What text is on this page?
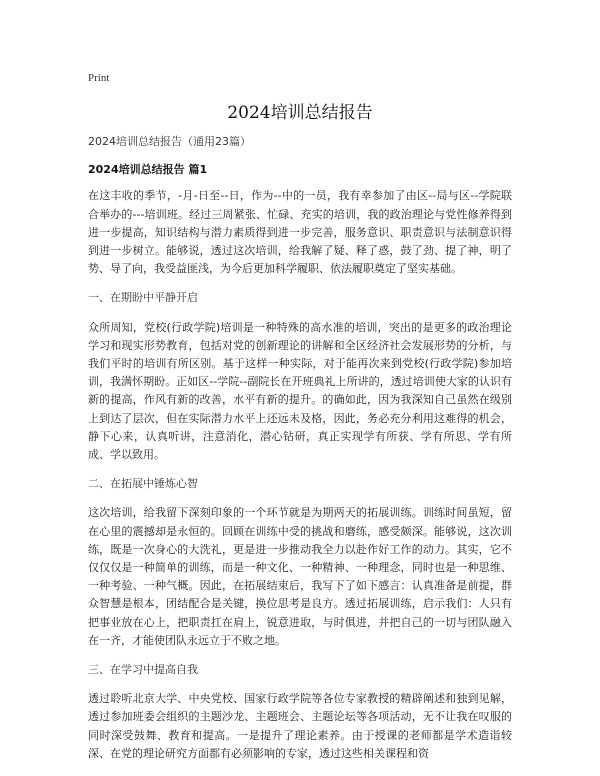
Print
2024培训总结报告
2024培训总结报告（通用23篇）
2024培训总结报告 篇1

在这丰收的季节，-月-日至--日，作为--中的一员，我有幸参加了由区--局与区--学院联合举办的---培训班。经过三周紧张、忙碌、充实的培训，我的政治理论与党性修养得到进一步提高，知识结构与潜力素质得到进一步完善，服务意识、职责意识与法制意识得到进一步树立。能够说，透过这次培训，给我解了疑、释了惑，鼓了劲、提了神，明了势、导了向，我受益匪浅，为今后更加科学履职、依法履职奠定了坚实基础。

一、在期盼中平静开启

众所周知，党校(行政学院)培训是一种特殊的高水准的培训，突出的是更多的政治理论学习和现实形势教育，包括对党的创新理论的讲解和全区经济社会发展形势的分析，与我们平时的培训有所区别。基于这样一种实际，对于能再次来到党校(行政学院)参加培训，我满怀期盼。正如区--学院--副院长在开班典礼上所讲的，透过培训使大家的认识有新的提高，作风有新的改善，水平有新的提升。的确如此，因为我深知自己虽然在级别上到达了层次，但在实际潜力水平上还远未及格，因此，务必充分利用这难得的机会，静下心来，认真听讲，注意消化，潜心钻研，真正实现学有所获、学有所思、学有所成、学以致用。

二、在拓展中锤炼心智

这次培训，给我留下深刻印象的一个环节就是为期两天的拓展训练。训练时间虽短，留在心里的震撼却是永恒的。回顾在训练中受的挑战和磨练，感受颇深。能够说，这次训练，既是一次身心的大洗礼，更是进一步推动我全力以赴作好工作的动力。其实，它不仅仅仅是一种简单的训练，而是一种文化、一种精神、一种理念，同时也是一种思维、一种考验、一种气概。因此，在拓展结束后，我写下了如下感言：认真准备是前提，群众智慧是根本，团结配合是关键，换位思考是良方。透过拓展训练，启示我们：人只有把事业放在心上，把职责扛在肩上，锐意进取，与时俱进，并把自己的一切与团队融入在一齐，才能使团队永远立于不败之地。

三、在学习中提高自我

透过聆听北京大学、中央党校、国家行政学院等各位专家教授的精辟阐述和独到见解，透过参加班委会组织的主题沙龙、主题班会、主题论坛等各项活动，无不让我在叹服的同时深受鼓舞、教育和提高。一是提升了理论素养。由于授课的老师都是学术造诣较深、在党的理论研究方面都有必须影响的专家，透过这些相关课程和资
